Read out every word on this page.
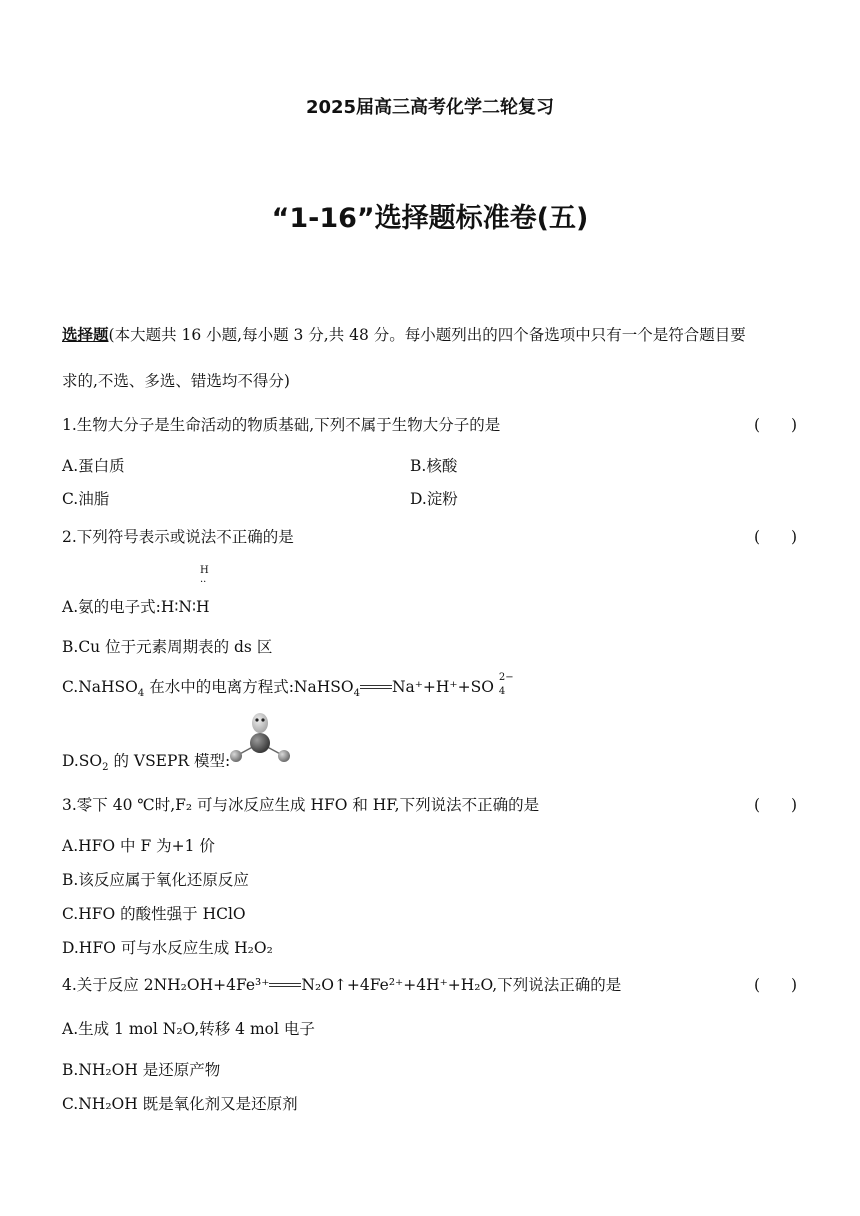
2025届高三高考化学二轮复习
“1-16”选择题标准卷(五)
选择题(本大题共 16 小题,每小题 3 分,共 48 分。每小题列出的四个备选项中只有一个是符合题目要
求的,不选、多选、错选均不得分)
1.生物大分子是生命活动的物质基础,下列不属于生物大分子的是	(　　)
A.蛋白质	B.核酸
C.油脂	D.淀粉
2.下列符号表示或说法不正确的是	(　　)
H
··
A.氨的电子式:H∶N∶H
B.Cu 位于元素周期表的 ds 区
C.NaHSO$_4$ 在水中的电离方程式:NaHSO$_4$ Na⁺+H⁺+SO
2−
4
$D.SO_2$ 的 VSEPR 模型:
3.零下 40 ℃时,F₂ 可与冰反应生成 HFO 和 HF,下列说法不正确的是	(　　)
A.HFO 中 F 为+1 价
B.该反应属于氧化还原反应
C.HFO 的酸性强于 HClO
D.HFO 可与水反应生成 H₂O₂
4.关于反应 2NH₂OH+4Fe³⁺ N₂O↑+4Fe²⁺+4H⁺+H₂O,下列说法正确的是	(　　)
A.生成 1 mol N₂O,转移 4 mol 电子
B.NH₂OH 是还原产物
C.NH₂OH 既是氧化剂又是还原剂
